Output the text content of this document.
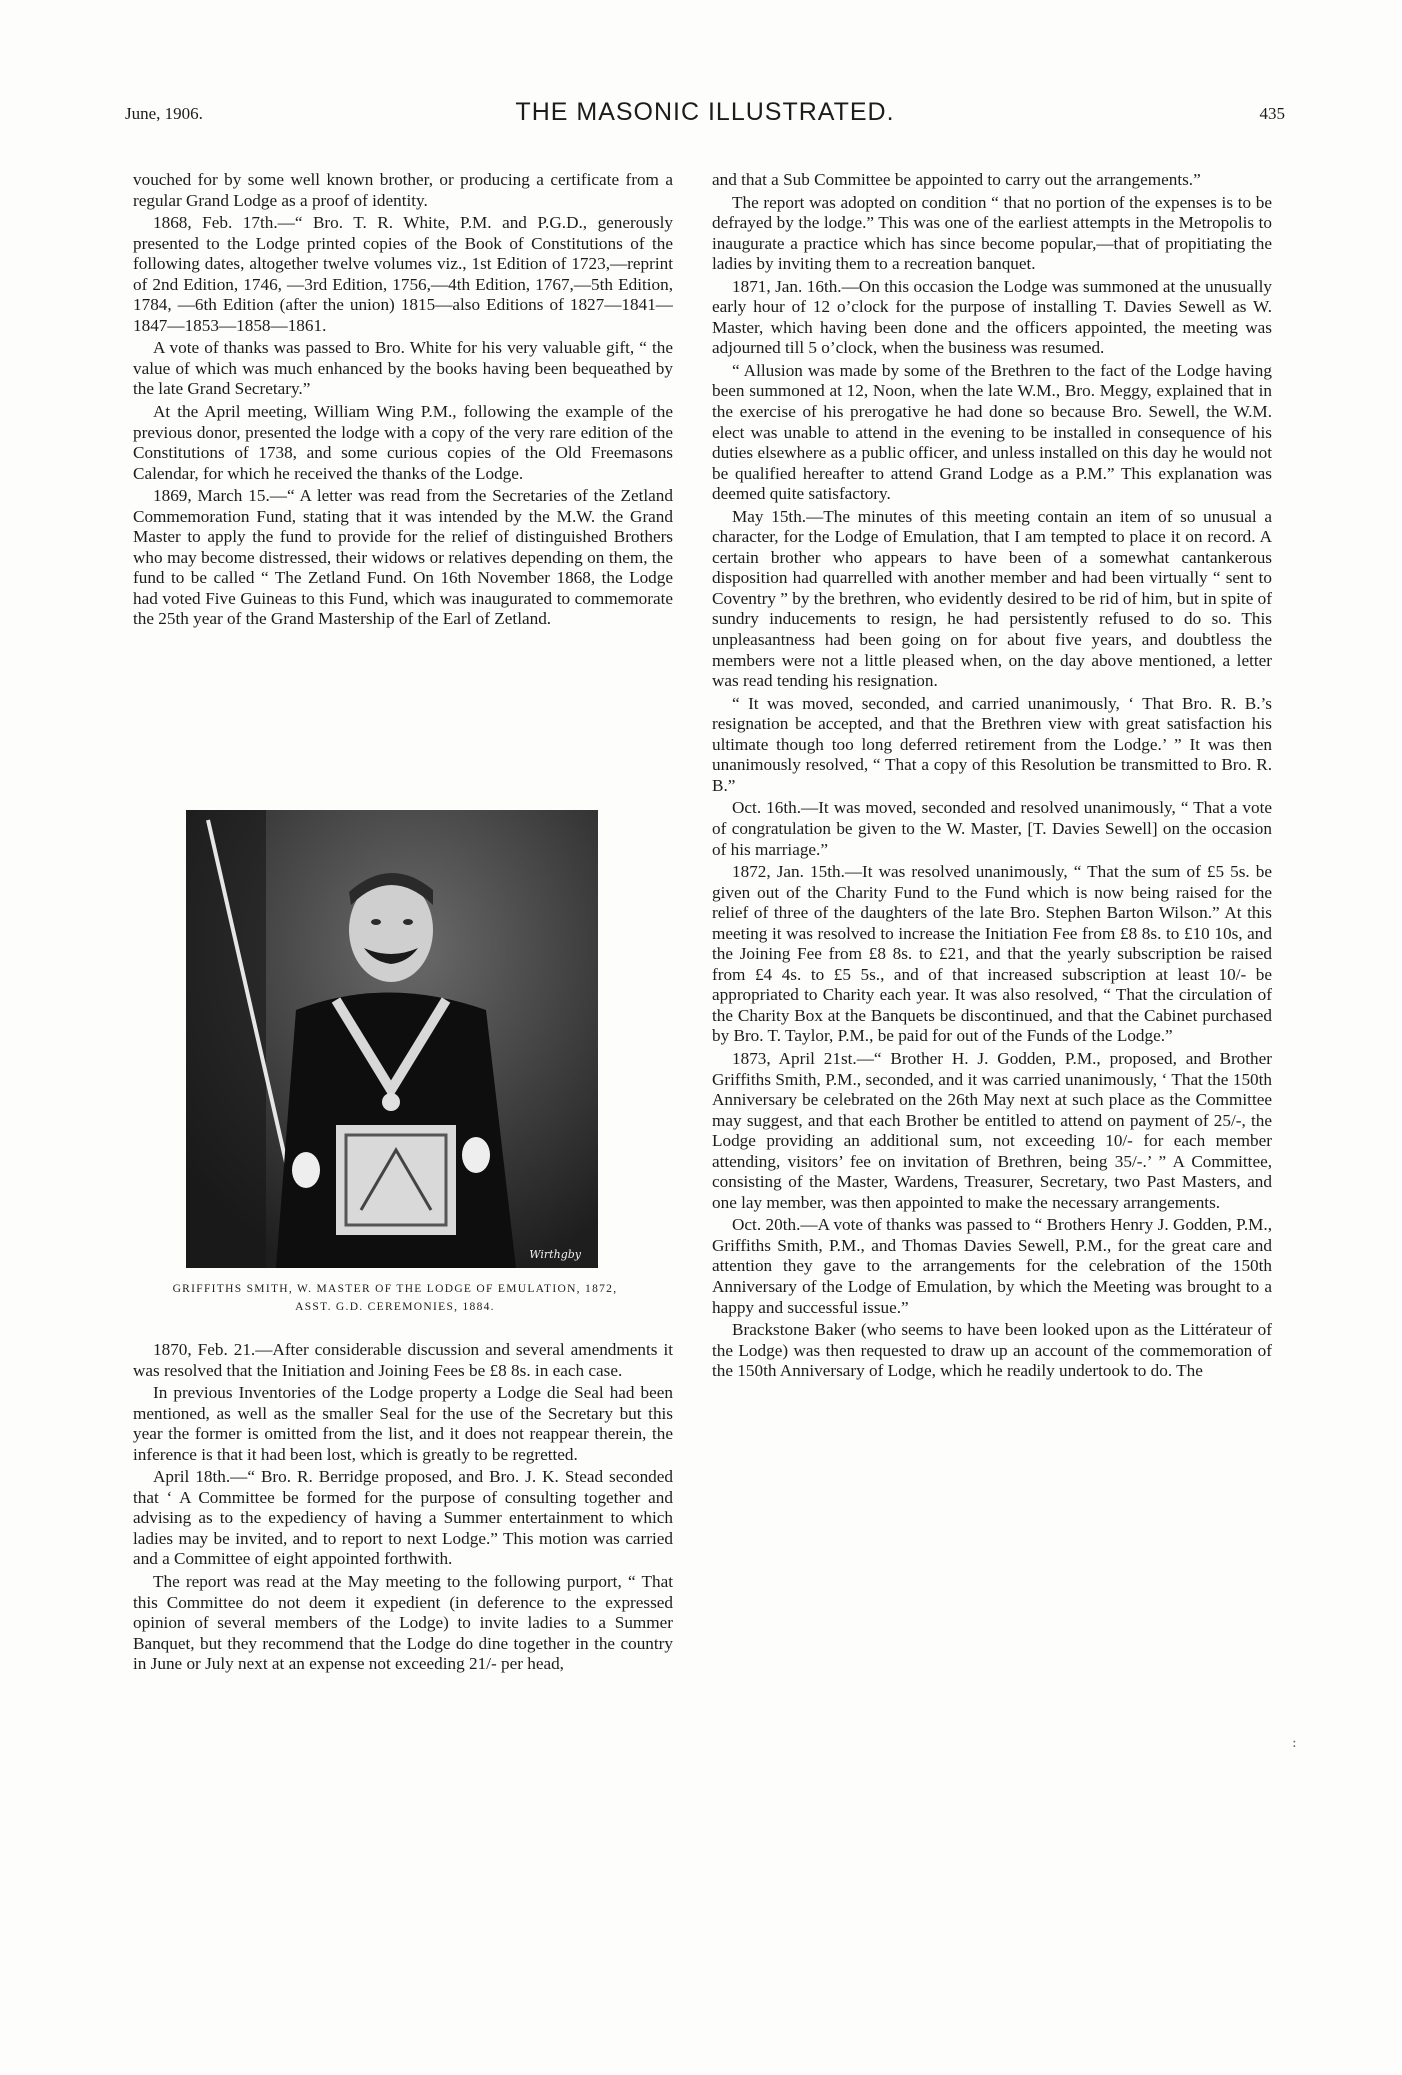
June, 1906.	THE MASONIC ILLUSTRATED.	435

vouched for by some well known brother, or producing a certificate from a regular Grand Lodge as a proof of identity.

1868, Feb. 17th.—“ Bro. T. R. White, P.M. and P.G.D., generously presented to the Lodge printed copies of the Book of Constitutions of the following dates, altogether twelve volumes viz., 1st Edition of 1723,—reprint of 2nd Edition, 1746, —3rd Edition, 1756,—4th Edition, 1767,—5th Edition, 1784, —6th Edition (after the union) 1815—also Editions of 1827—1841—1847—1853—1858—1861.

A vote of thanks was passed to Bro. White for his very valuable gift, “ the value of which was much enhanced by the books having been bequeathed by the late Grand Secretary.”

At the April meeting, William Wing P.M., following the example of the previous donor, presented the lodge with a copy of the very rare edition of the Constitutions of 1738, and some curious copies of the Old Freemasons Calendar, for which he received the thanks of the Lodge.

1869, March 15.—“ A letter was read from the Secretaries of the Zetland Commemoration Fund, stating that it was intended by the M.W. the Grand Master to apply the fund to provide for the relief of distinguished Brothers who may become distressed, their widows or relatives depending on them, the fund to be called “ The Zetland Fund. On 16th November 1868, the Lodge had voted Five Guineas to this Fund, which was inaugurated to commemorate the 25th year of the Grand Mastership of the Earl of Zetland.

Wirthgby
GRIFFITHS SMITH, W. MASTER OF THE LODGE OF EMULATION, 1872,
ASST. G.D. CEREMONIES, 1884.

1870, Feb. 21.—After considerable discussion and several amendments it was resolved that the Initiation and Joining Fees be £8 8s. in each case.

In previous Inventories of the Lodge property a Lodge die Seal had been mentioned, as well as the smaller Seal for the use of the Secretary but this year the former is omitted from the list, and it does not reappear therein, the inference is that it had been lost, which is greatly to be regretted.

April 18th.—“ Bro. R. Berridge proposed, and Bro. J. K. Stead seconded that ‘ A Committee be formed for the purpose of consulting together and advising as to the expediency of having a Summer entertainment to which ladies may be invited, and to report to next Lodge.” This motion was carried and a Committee of eight appointed forthwith.

The report was read at the May meeting to the following purport, “ That this Committee do not deem it expedient (in deference to the expressed opinion of several members of the Lodge) to invite ladies to a Summer Banquet, but they recommend that the Lodge do dine together in the country in June or July next at an expense not exceeding 21/- per head,

and that a Sub Committee be appointed to carry out the arrangements.”

The report was adopted on condition “ that no portion of the expenses is to be defrayed by the lodge.” This was one of the earliest attempts in the Metropolis to inaugurate a practice which has since become popular,—that of propitiating the ladies by inviting them to a recreation banquet.

1871, Jan. 16th.—On this occasion the Lodge was summoned at the unusually early hour of 12 o’clock for the purpose of installing T. Davies Sewell as W. Master, which having been done and the officers appointed, the meeting was adjourned till 5 o’clock, when the business was resumed.

“ Allusion was made by some of the Brethren to the fact of the Lodge having been summoned at 12, Noon, when the late W.M., Bro. Meggy, explained that in the exercise of his prerogative he had done so because Bro. Sewell, the W.M. elect was unable to attend in the evening to be installed in consequence of his duties elsewhere as a public officer, and unless installed on this day he would not be qualified hereafter to attend Grand Lodge as a P.M.” This explanation was deemed quite satisfactory.

May 15th.—The minutes of this meeting contain an item of so unusual a character, for the Lodge of Emulation, that I am tempted to place it on record. A certain brother who appears to have been of a somewhat cantankerous disposition had quarrelled with another member and had been virtually “ sent to Coventry ” by the brethren, who evidently desired to be rid of him, but in spite of sundry inducements to resign, he had persistently refused to do so. This unpleasantness had been going on for about five years, and doubtless the members were not a little pleased when, on the day above mentioned, a letter was read tending his resignation.

“ It was moved, seconded, and carried unanimously, ‘ That Bro. R. B.’s resignation be accepted, and that the Brethren view with great satisfaction his ultimate though too long deferred retirement from the Lodge.’ ” It was then unanimously resolved, “ That a copy of this Resolution be transmitted to Bro. R. B.”

Oct. 16th.—It was moved, seconded and resolved unanimously, “ That a vote of congratulation be given to the W. Master, [T. Davies Sewell] on the occasion of his marriage.”

1872, Jan. 15th.—It was resolved unanimously, “ That the sum of £5 5s. be given out of the Charity Fund to the Fund which is now being raised for the relief of three of the daughters of the late Bro. Stephen Barton Wilson.” At this meeting it was resolved to increase the Initiation Fee from £8 8s. to £10 10s, and the Joining Fee from £8 8s. to £21, and that the yearly subscription be raised from £4 4s. to £5 5s., and of that increased subscription at least 10/- be appropriated to Charity each year. It was also resolved, “ That the circulation of the Charity Box at the Banquets be discontinued, and that the Cabinet purchased by Bro. T. Taylor, P.M., be paid for out of the Funds of the Lodge.”

1873, April 21st.—“ Brother H. J. Godden, P.M., proposed, and Brother Griffiths Smith, P.M., seconded, and it was carried unanimously, ‘ That the 150th Anniversary be celebrated on the 26th May next at such place as the Committee may suggest, and that each Brother be entitled to attend on payment of 25/-, the Lodge providing an additional sum, not exceeding 10/- for each member attending, visitors’ fee on invitation of Brethren, being 35/-.’ ” A Committee, consisting of the Master, Wardens, Treasurer, Secretary, two Past Masters, and one lay member, was then appointed to make the necessary arrangements.

Oct. 20th.—A vote of thanks was passed to “ Brothers Henry J. Godden, P.M., Griffiths Smith, P.M., and Thomas Davies Sewell, P.M., for the great care and attention they gave to the arrangements for the celebration of the 150th Anniversary of the Lodge of Emulation, by which the Meeting was brought to a happy and successful issue.”

Brackstone Baker (who seems to have been looked upon as the Littérateur of the Lodge) was then requested to draw up an account of the commemoration of the 150th Anniversary of Lodge, which he readily undertook to do. The

:
